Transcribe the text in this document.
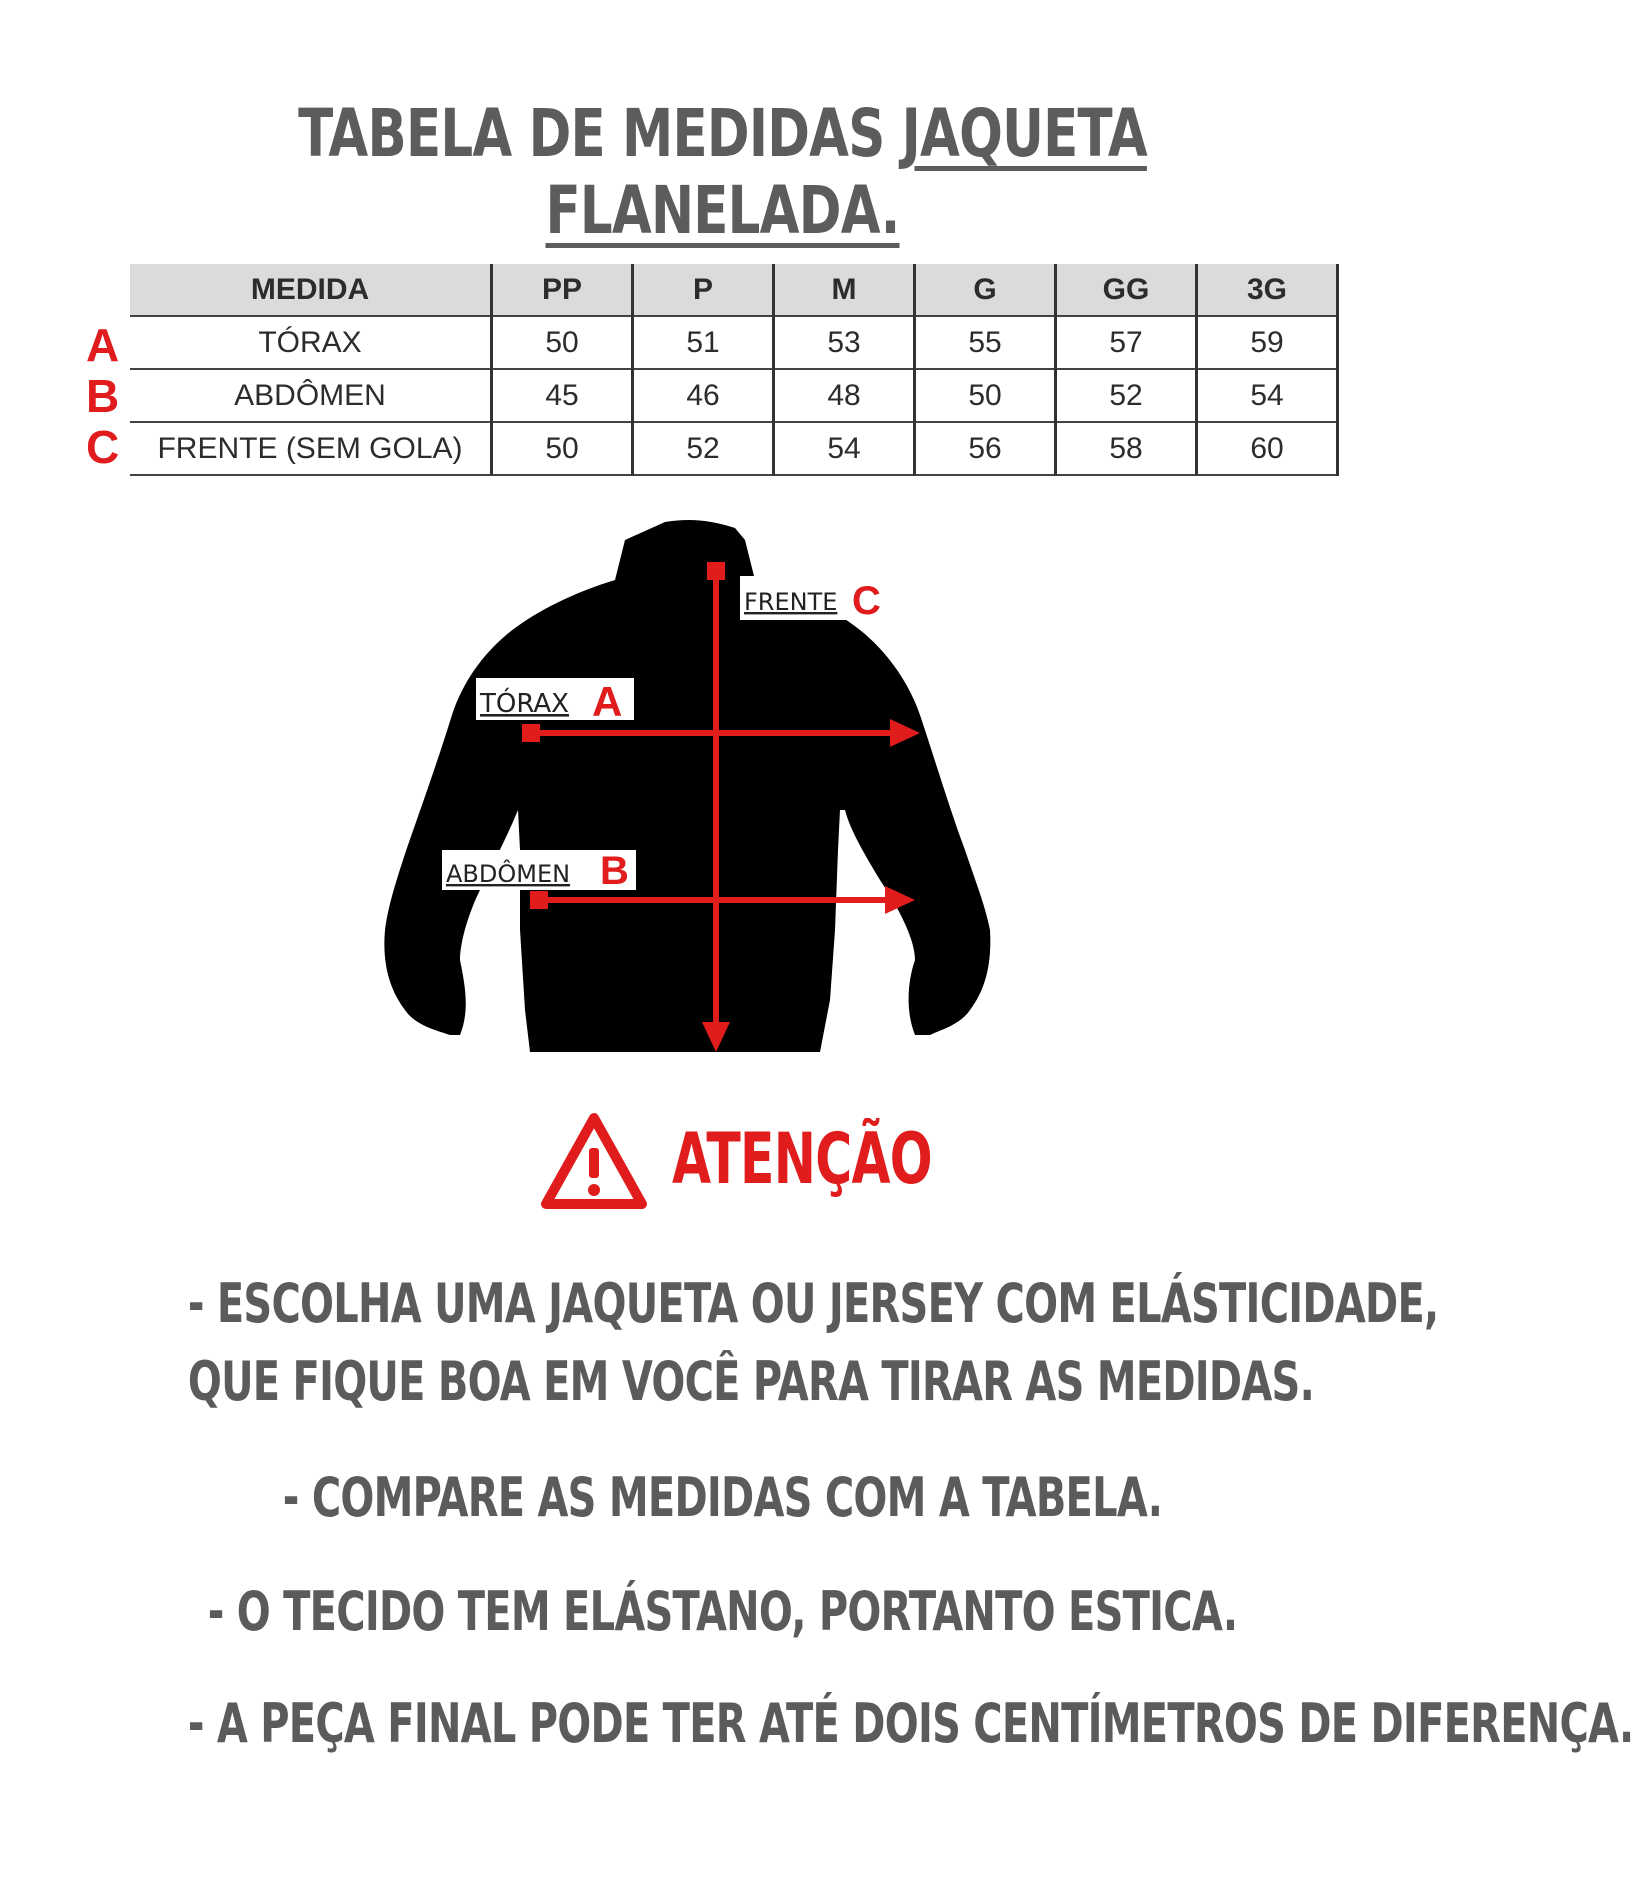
TABELA DE MEDIDAS JAQUETA FLANELADA.
A
B
C
MEDIDA	PP	P	M	G	GG	3G
TÓRAX	50	51	53	55	57	59
ABDÔMEN	45	46	48	50	52	54
FRENTE (SEM GOLA)	50	52	54	56	58	60
FRENTE C
TÓRAX A
ABDÔMEN B
ATENÇÃO
- ESCOLHA UMA JAQUETA OU JERSEY COM ELÁSTICIDADE,
QUE FIQUE BOA EM VOCÊ PARA TIRAR AS MEDIDAS.
- COMPARE AS MEDIDAS COM A TABELA.
- O TECIDO TEM ELÁSTANO, PORTANTO ESTICA.
- A PEÇA FINAL PODE TER ATÉ DOIS CENTÍMETROS DE DIFERENÇA.
